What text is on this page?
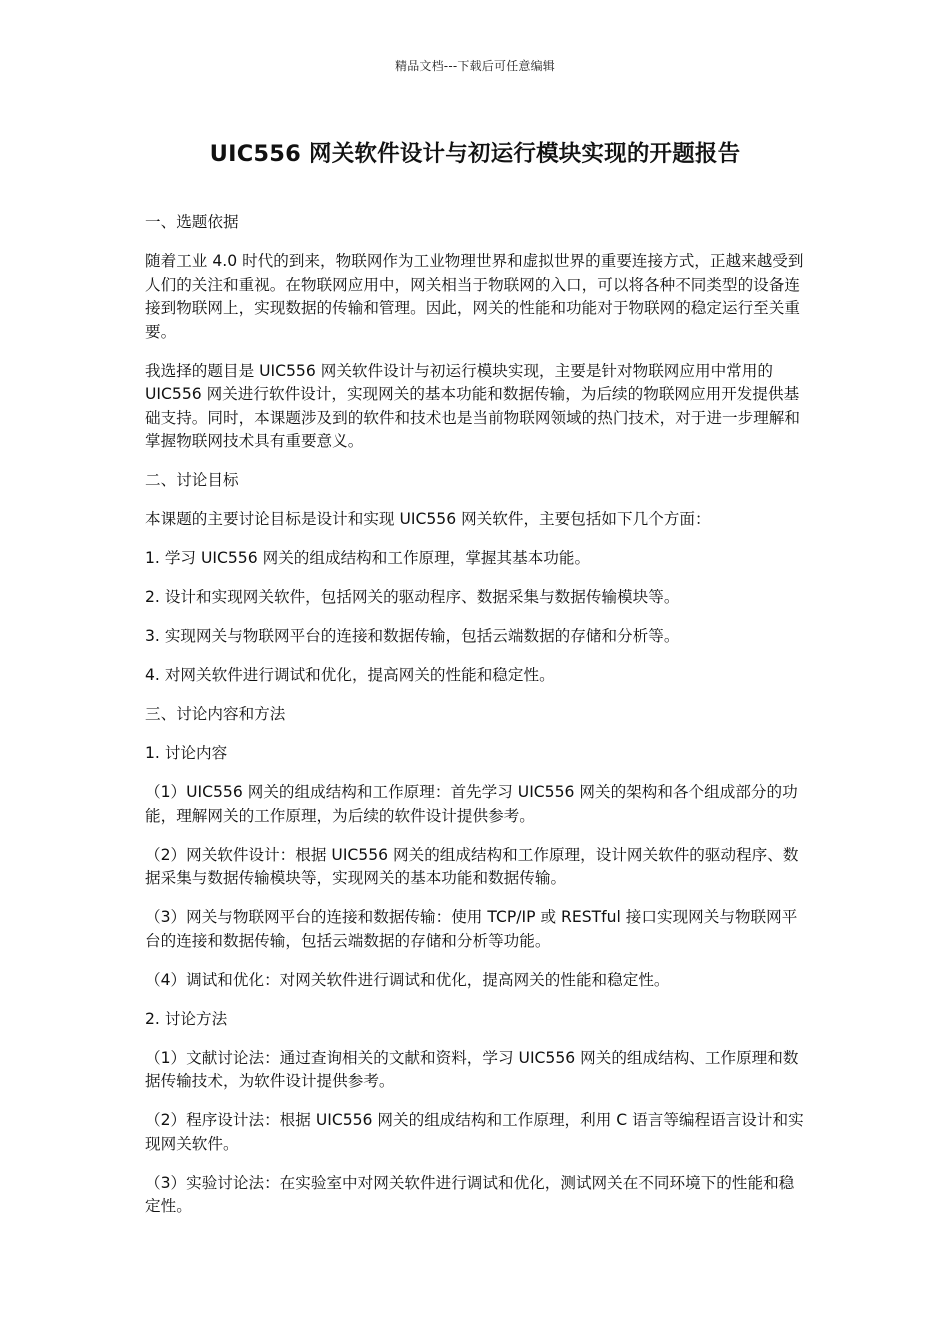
精品文档---下载后可任意编辑
UIC556 网关软件设计与初运行模块实现的开题报告

一、选题依据

随着工业 4.0 时代的到来，物联网作为工业物理世界和虚拟世界的重要连接方式，正越来越受到人们的关注和重视。在物联网应用中，网关相当于物联网的入口，可以将各种不同类型的设备连接到物联网上，实现数据的传输和管理。因此，网关的性能和功能对于物联网的稳定运行至关重要。

我选择的题目是 UIC556 网关软件设计与初运行模块实现，主要是针对物联网应用中常用的 UIC556 网关进行软件设计，实现网关的基本功能和数据传输，为后续的物联网应用开发提供基础支持。同时，本课题涉及到的软件和技术也是当前物联网领域的热门技术，对于进一步理解和掌握物联网技术具有重要意义。

二、讨论目标

本课题的主要讨论目标是设计和实现 UIC556 网关软件，主要包括如下几个方面：

1. 学习 UIC556 网关的组成结构和工作原理，掌握其基本功能。

2. 设计和实现网关软件，包括网关的驱动程序、数据采集与数据传输模块等。

3. 实现网关与物联网平台的连接和数据传输，包括云端数据的存储和分析等。

4. 对网关软件进行调试和优化，提高网关的性能和稳定性。

三、讨论内容和方法

1. 讨论内容

（1）UIC556 网关的组成结构和工作原理：首先学习 UIC556 网关的架构和各个组成部分的功能，理解网关的工作原理，为后续的软件设计提供参考。

（2）网关软件设计：根据 UIC556 网关的组成结构和工作原理，设计网关软件的驱动程序、数据采集与数据传输模块等，实现网关的基本功能和数据传输。

（3）网关与物联网平台的连接和数据传输：使用 TCP/IP 或 RESTful 接口实现网关与物联网平台的连接和数据传输，包括云端数据的存储和分析等功能。

（4）调试和优化：对网关软件进行调试和优化，提高网关的性能和稳定性。

2. 讨论方法

（1）文献讨论法：通过查询相关的文献和资料，学习 UIC556 网关的组成结构、工作原理和数据传输技术，为软件设计提供参考。

（2）程序设计法：根据 UIC556 网关的组成结构和工作原理，利用 C 语言等编程语言设计和实现网关软件。

（3）实验讨论法：在实验室中对网关软件进行调试和优化，测试网关在不同环境下的性能和稳定性。
